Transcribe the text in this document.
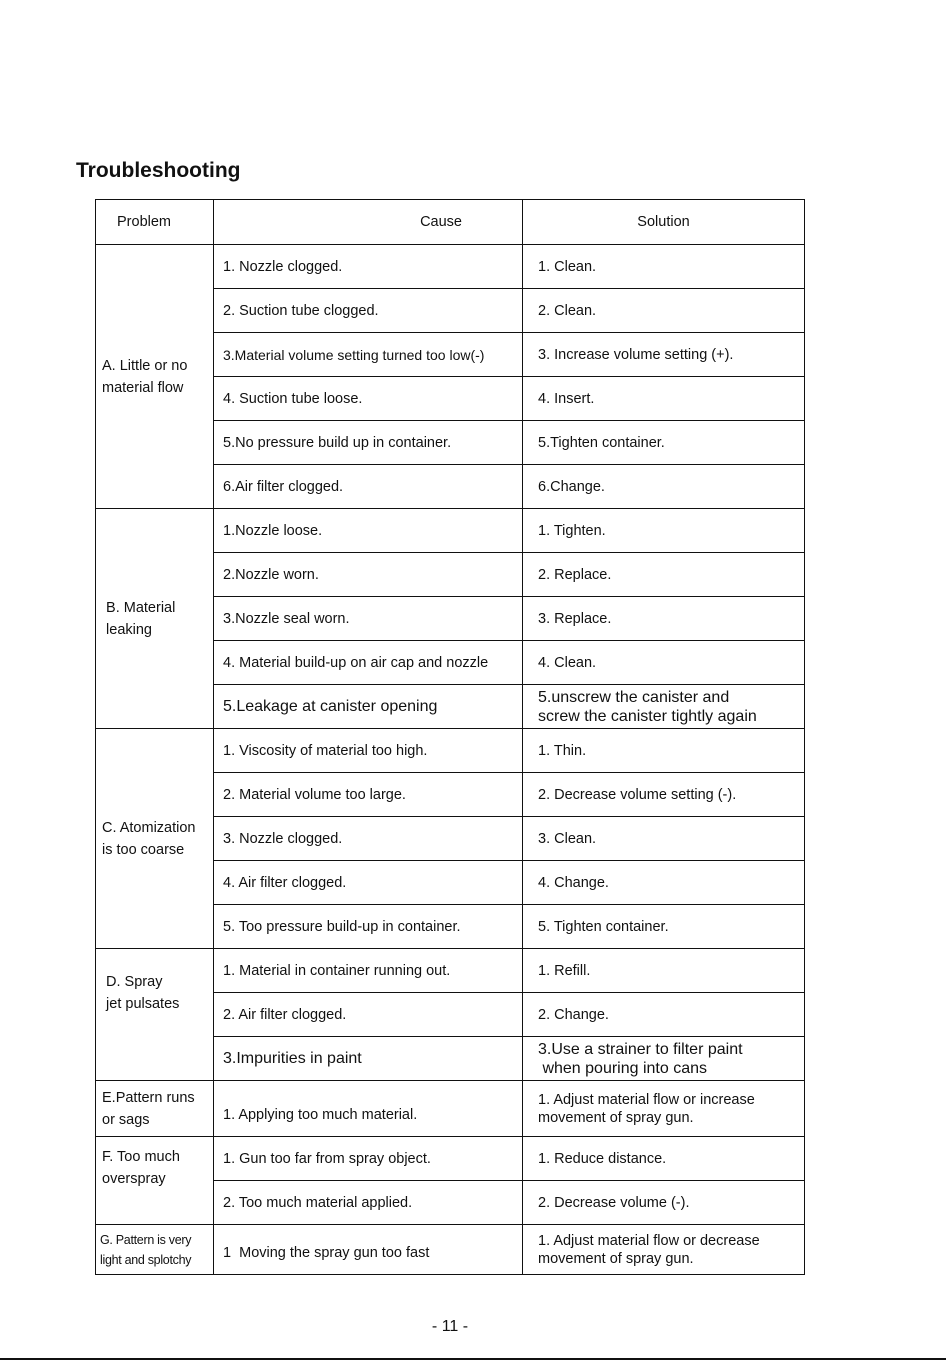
Troubleshooting
Problem	Cause	Solution

A. Little or no
material flow	1. Nozzle clogged.	1. Clean.
	2. Suction tube clogged.	2. Clean.
	3.Material volume setting turned too low(-)	3. Increase volume setting (+).
	4. Suction tube loose.	4. Insert.
	5.No pressure build up in container.	5.Tighten container.
	6.Air filter clogged.	6.Change.

B. Material
leaking	1.Nozzle loose.	1. Tighten.
	2.Nozzle worn.	2. Replace.
	3.Nozzle seal worn.	3. Replace.
	4. Material build-up on air cap and nozzle	4. Clean.
	5.Leakage at canister opening	5.unscrew the canister and
screw the canister tightly again

C. Atomization
is too coarse	1. Viscosity of material too high.	1. Thin.
	2. Material volume too large.	2. Decrease volume setting (-).
	3. Nozzle clogged.	3. Clean.
	4. Air filter clogged.	4. Change.
	5. Too pressure build-up in container.	5. Tighten container.

D. Spray
jet pulsates	1. Material in container running out.	1. Refill.
	2. Air filter clogged.	2. Change.
	3.Impurities in paint	3.Use a strainer to filter paint
when pouring into cans

E.Pattern runs
or sags	1. Applying too much material.	1. Adjust material flow or increase
movement of spray gun.

F. Too much
overspray	1. Gun too far from spray object.	1. Reduce distance.
	2. Too much material applied.	2. Decrease volume (-).

G. Pattern is very
light and splotchy	1  Moving the spray gun too fast	1. Adjust material flow or decrease
movement of spray gun.
- 11 -
